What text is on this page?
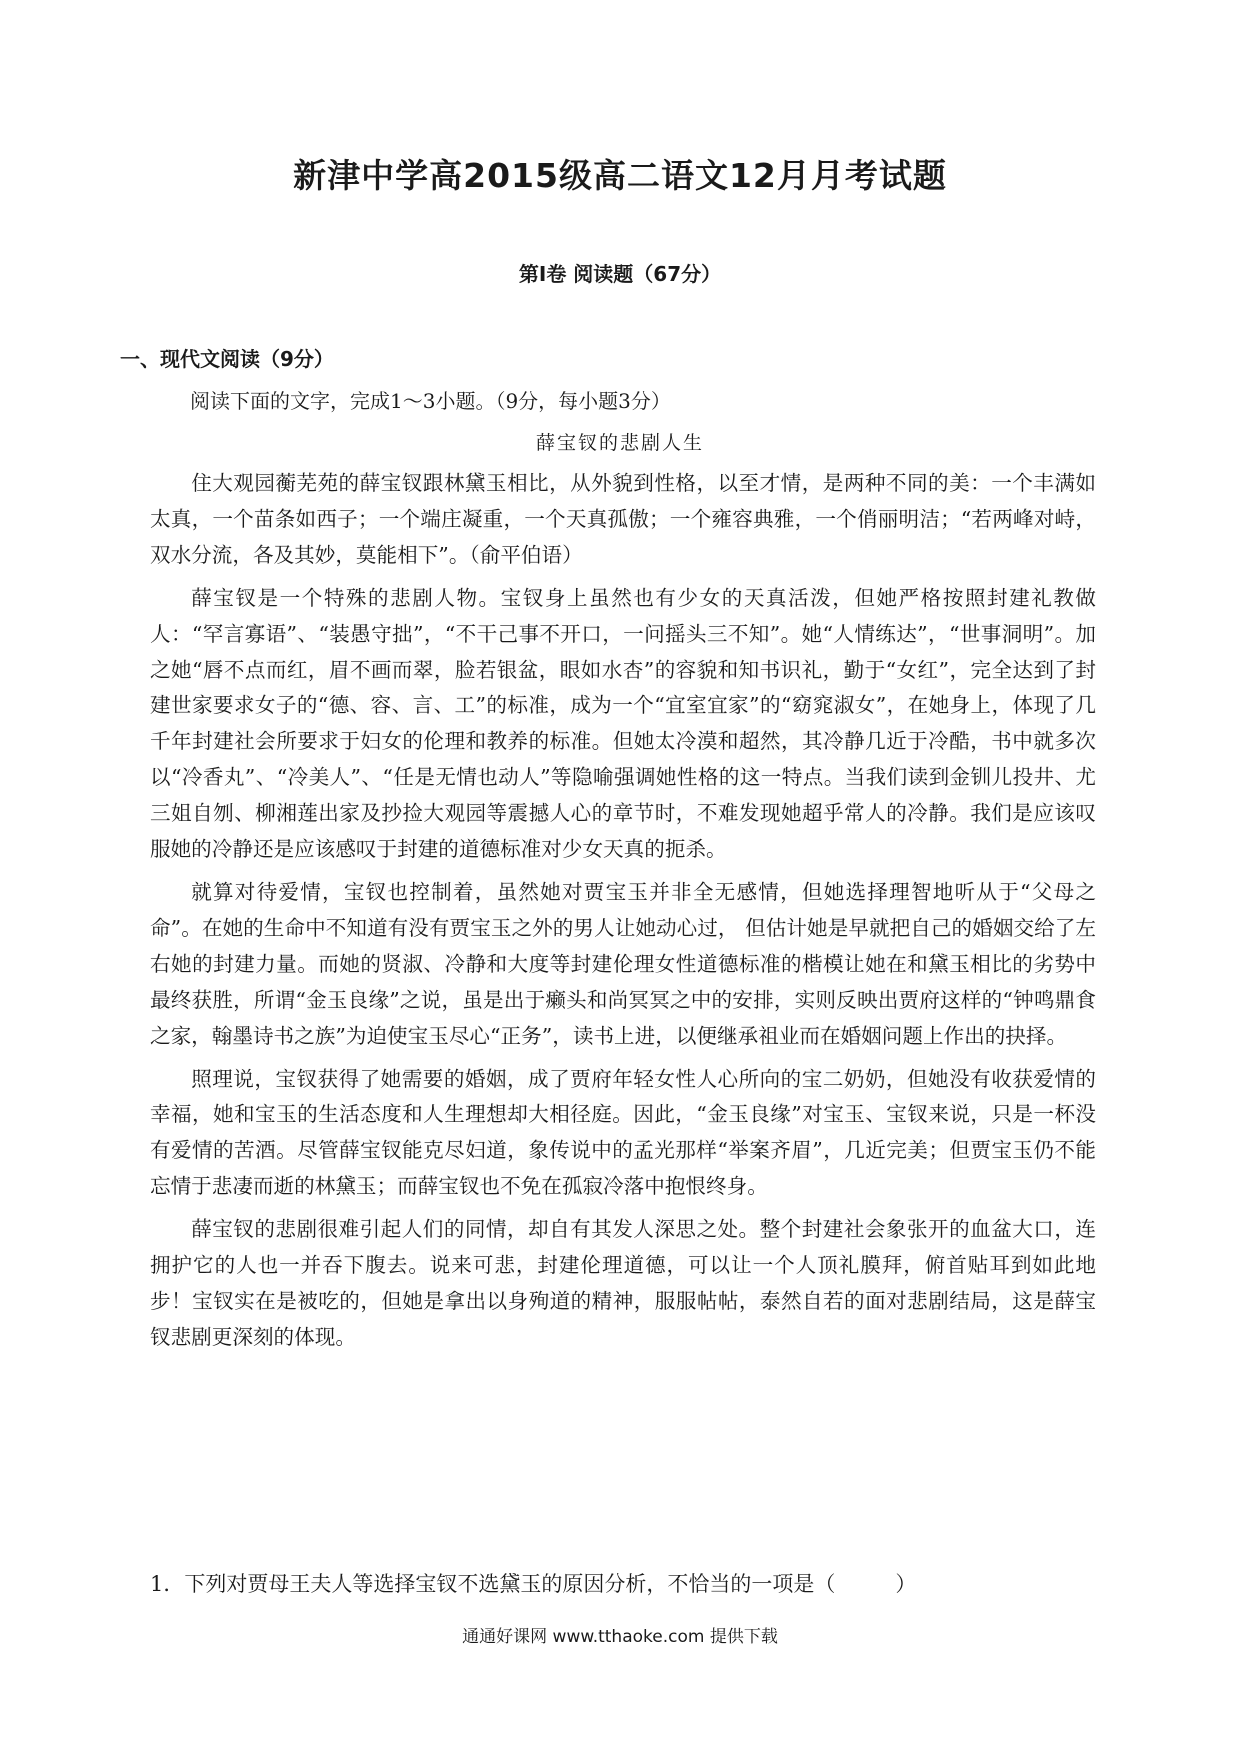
新津中学高2015级高二语文12月月考试题
第Ⅰ卷 阅读题（67分）
一、现代文阅读（9分）
阅读下面的文字，完成1～3小题。（9分，每小题3分）
薛宝钗的悲剧人生

住大观园蘅芜苑的薛宝钗跟林黛玉相比，从外貌到性格，以至才情，是两种不同的美：一个丰满如太真，一个苗条如西子；一个端庄凝重，一个天真孤傲；一个雍容典雅，一个俏丽明洁；“若两峰对峙，双水分流，各及其妙，莫能相下”。（俞平伯语）

薛宝钗是一个特殊的悲剧人物。宝钗身上虽然也有少女的天真活泼，但她严格按照封建礼教做人：“罕言寡语”、“装愚守拙”，“不干己事不开口，一问摇头三不知”。她“人情练达”，“世事洞明”。加之她“唇不点而红，眉不画而翠，脸若银盆，眼如水杏”的容貌和知书识礼，勤于“女红”，完全达到了封建世家要求女子的“德、容、言、工”的标准，成为一个“宜室宜家”的“窈窕淑女”，在她身上，体现了几千年封建社会所要求于妇女的伦理和教养的标准。但她太冷漠和超然，其冷静几近于冷酷，书中就多次以“冷香丸”、“冷美人”、“任是无情也动人”等隐喻强调她性格的这一特点。当我们读到金钏儿投井、尤三姐自刎、柳湘莲出家及抄捡大观园等震撼人心的章节时，不难发现她超乎常人的冷静。我们是应该叹服她的冷静还是应该感叹于封建的道德标准对少女天真的扼杀。

就算对待爱情，宝钗也控制着，虽然她对贾宝玉并非全无感情，但她选择理智地听从于“父母之命”。在她的生命中不知道有没有贾宝玉之外的男人让她动心过， 但估计她是早就把自己的婚姻交给了左右她的封建力量。而她的贤淑、冷静和大度等封建伦理女性道德标准的楷模让她在和黛玉相比的劣势中最终获胜，所谓“金玉良缘”之说，虽是出于癞头和尚冥冥之中的安排，实则反映出贾府这样的“钟鸣鼎食之家，翰墨诗书之族”为迫使宝玉尽心“正务”，读书上进，以便继承祖业而在婚姻问题上作出的抉择。

照理说，宝钗获得了她需要的婚姻，成了贾府年轻女性人心所向的宝二奶奶，但她没有收获爱情的幸福，她和宝玉的生活态度和人生理想却大相径庭。因此，“金玉良缘”对宝玉、宝钗来说，只是一杯没有爱情的苦酒。尽管薛宝钗能克尽妇道，象传说中的孟光那样“举案齐眉”，几近完美；但贾宝玉仍不能忘情于悲凄而逝的林黛玉；而薛宝钗也不免在孤寂冷落中抱恨终身。

薛宝钗的悲剧很难引起人们的同情，却自有其发人深思之处。整个封建社会象张开的血盆大口，连拥护它的人也一并吞下腹去。说来可悲，封建伦理道德，可以让一个人顶礼膜拜，俯首贴耳到如此地步！宝钗实在是被吃的，但她是拿出以身殉道的精神，服服帖帖，泰然自若的面对悲剧结局，这是薛宝钗悲剧更深刻的体现。

1．下列对贾母王夫人等选择宝钗不选黛玉的原因分析，不恰当的一项是（	）
通通好课网 www.tthaoke.com 提供下载
